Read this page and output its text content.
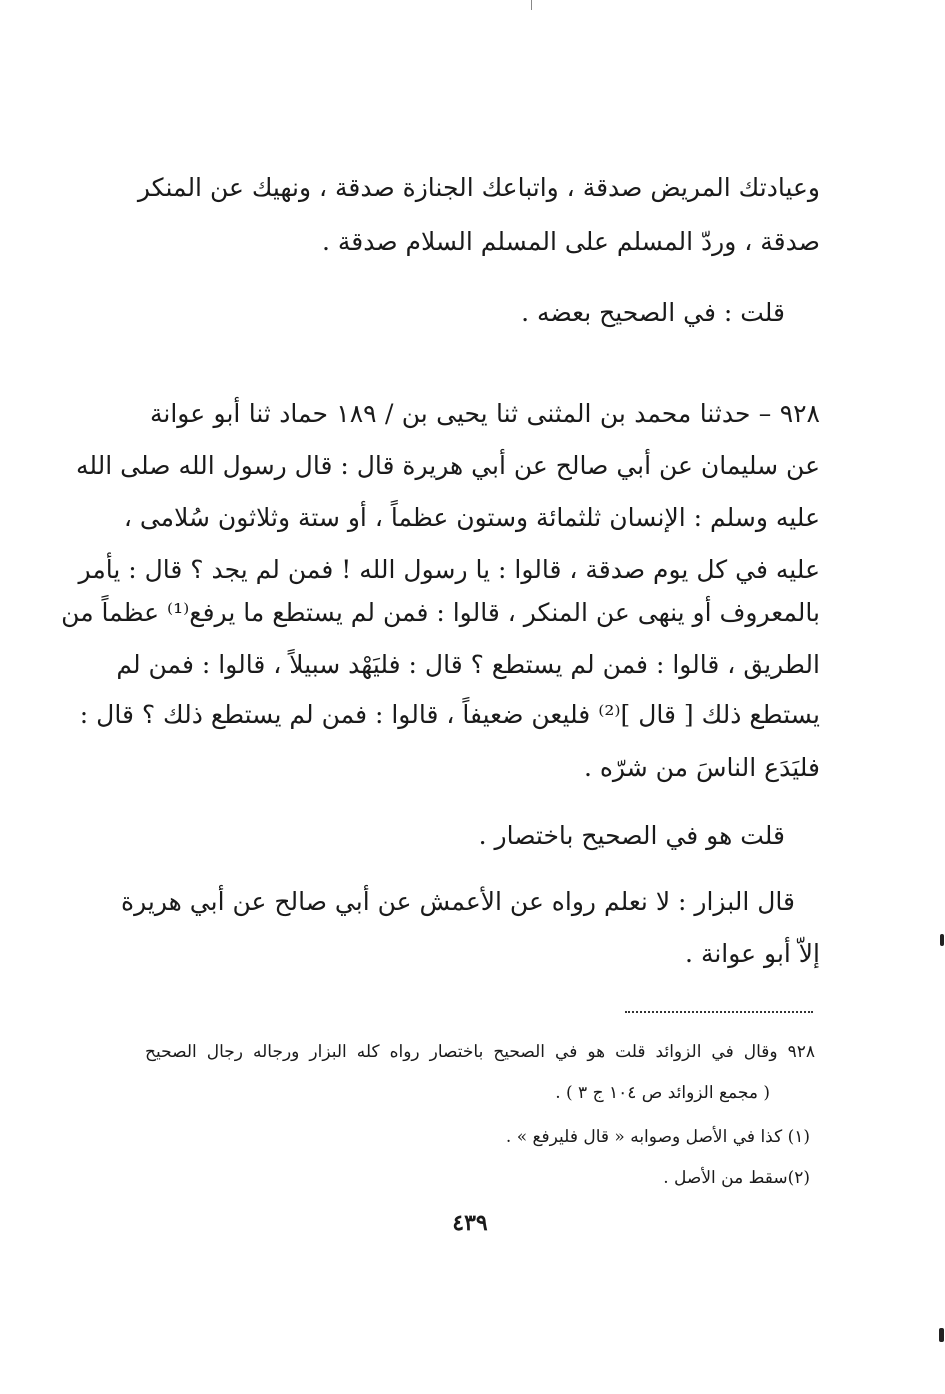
وعيادتك المريض صدقة ، واتباعك الجنازة صدقة ، ونهيك عن المنكر
صدقة ، وردّ المسلم على المسلم السلام صدقة .
قلت : في الصحيح بعضه .
٩٢٨ – حدثنا محمد بن المثنى ثنا يحيى بن / ١٨٩ حماد ثنا أبو عوانة
عن سليمان عن أبي صالح عن أبي هريرة قال : قال رسول الله صلى الله
عليه وسلم : الإنسان ثلثمائة وستون عظماً ، أو ستة وثلاثون سُلامى ،
عليه في كل يوم صدقة ، قالوا : يا رسول الله ! فمن لم يجد ؟ قال : يأمر
بالمعروف أو ينهى عن المنكر ، قالوا : فمن لم يستطع ما يرفع⁽¹⁾ عظماً من
الطريق ، قالوا : فمن لم يستطع ؟ قال : فليَهْد سبيلاً ، قالوا : فمن لم
يستطع ذلك [ قال ]⁽²⁾ فليعن ضعيفاً ، قالوا : فمن لم يستطع ذلك ؟ قال :
فليَدَع الناسَ من شرّه .
قلت هو في الصحيح باختصار .
قال البزار : لا نعلم رواه عن الأعمش عن أبي صالح عن أبي هريرة
إلاّ أبو عوانة .
٩٢٨ وقال في الزوائد قلت هو في الصحيح باختصار رواه كله البزار ورجاله رجال الصحيح
( مجمع الزوائد ص ١٠٤ ج ٣ ) .
(١) كذا في الأصل وصوابه « قال فليرفع » .
(٢)سقط من الأصل .
٤٣٩
